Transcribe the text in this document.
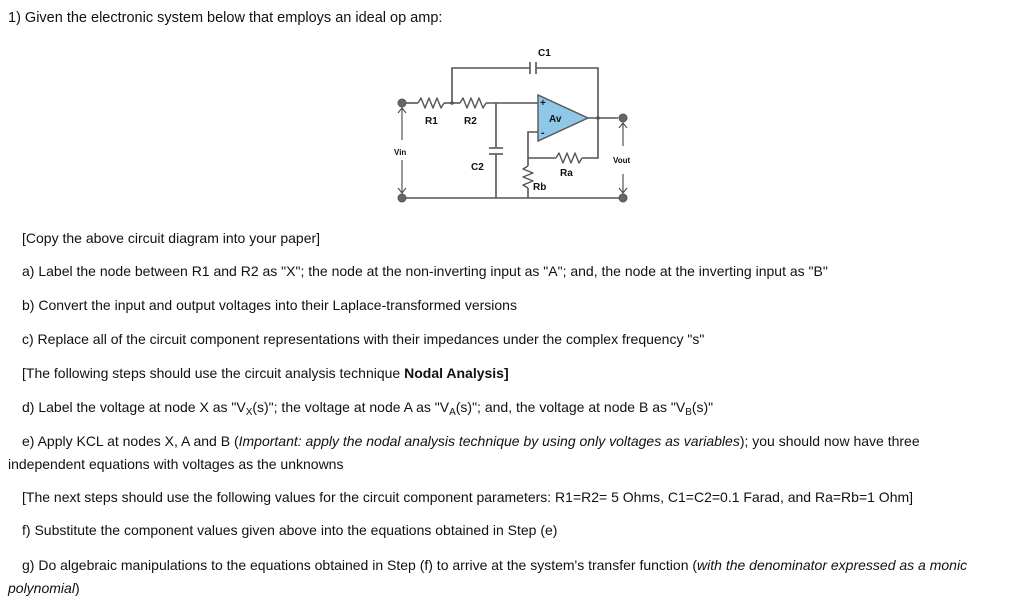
1) Given the electronic system below that employs an ideal op amp:
C1
R1	R2
C2
Vin
Av
+
-
Vout
Ra
Rb
[Copy the above circuit diagram into your paper]
a) Label the node between R1 and R2 as "X"; the node at the non-inverting input as "A"; and, the node at the inverting input as "B"
b) Convert the input and output voltages into their Laplace-transformed versions
c) Replace all of the circuit component representations with their impedances under the complex frequency "s"
[The following steps should use the circuit analysis technique Nodal Analysis]
d) Label the voltage at node X as "$V_X(s)$"; the voltage at node A as "$V_A(s)$"; and, the voltage at node B as "$V_B(s)$"
e) Apply KCL at nodes X, A and B (Important: apply the nodal analysis technique by using only voltages as variables); you should now have three
independent equations with voltages as the unknowns
[The next steps should use the following values for the circuit component parameters: R1=R2= 5 Ohms, C1=C2=0.1 Farad, and Ra=Rb=1 Ohm]
f) Substitute the component values given above into the equations obtained in Step (e)
g) Do algebraic manipulations to the equations obtained in Step (f) to arrive at the system's transfer function (with the denominator expressed as a monic
polynomial)
